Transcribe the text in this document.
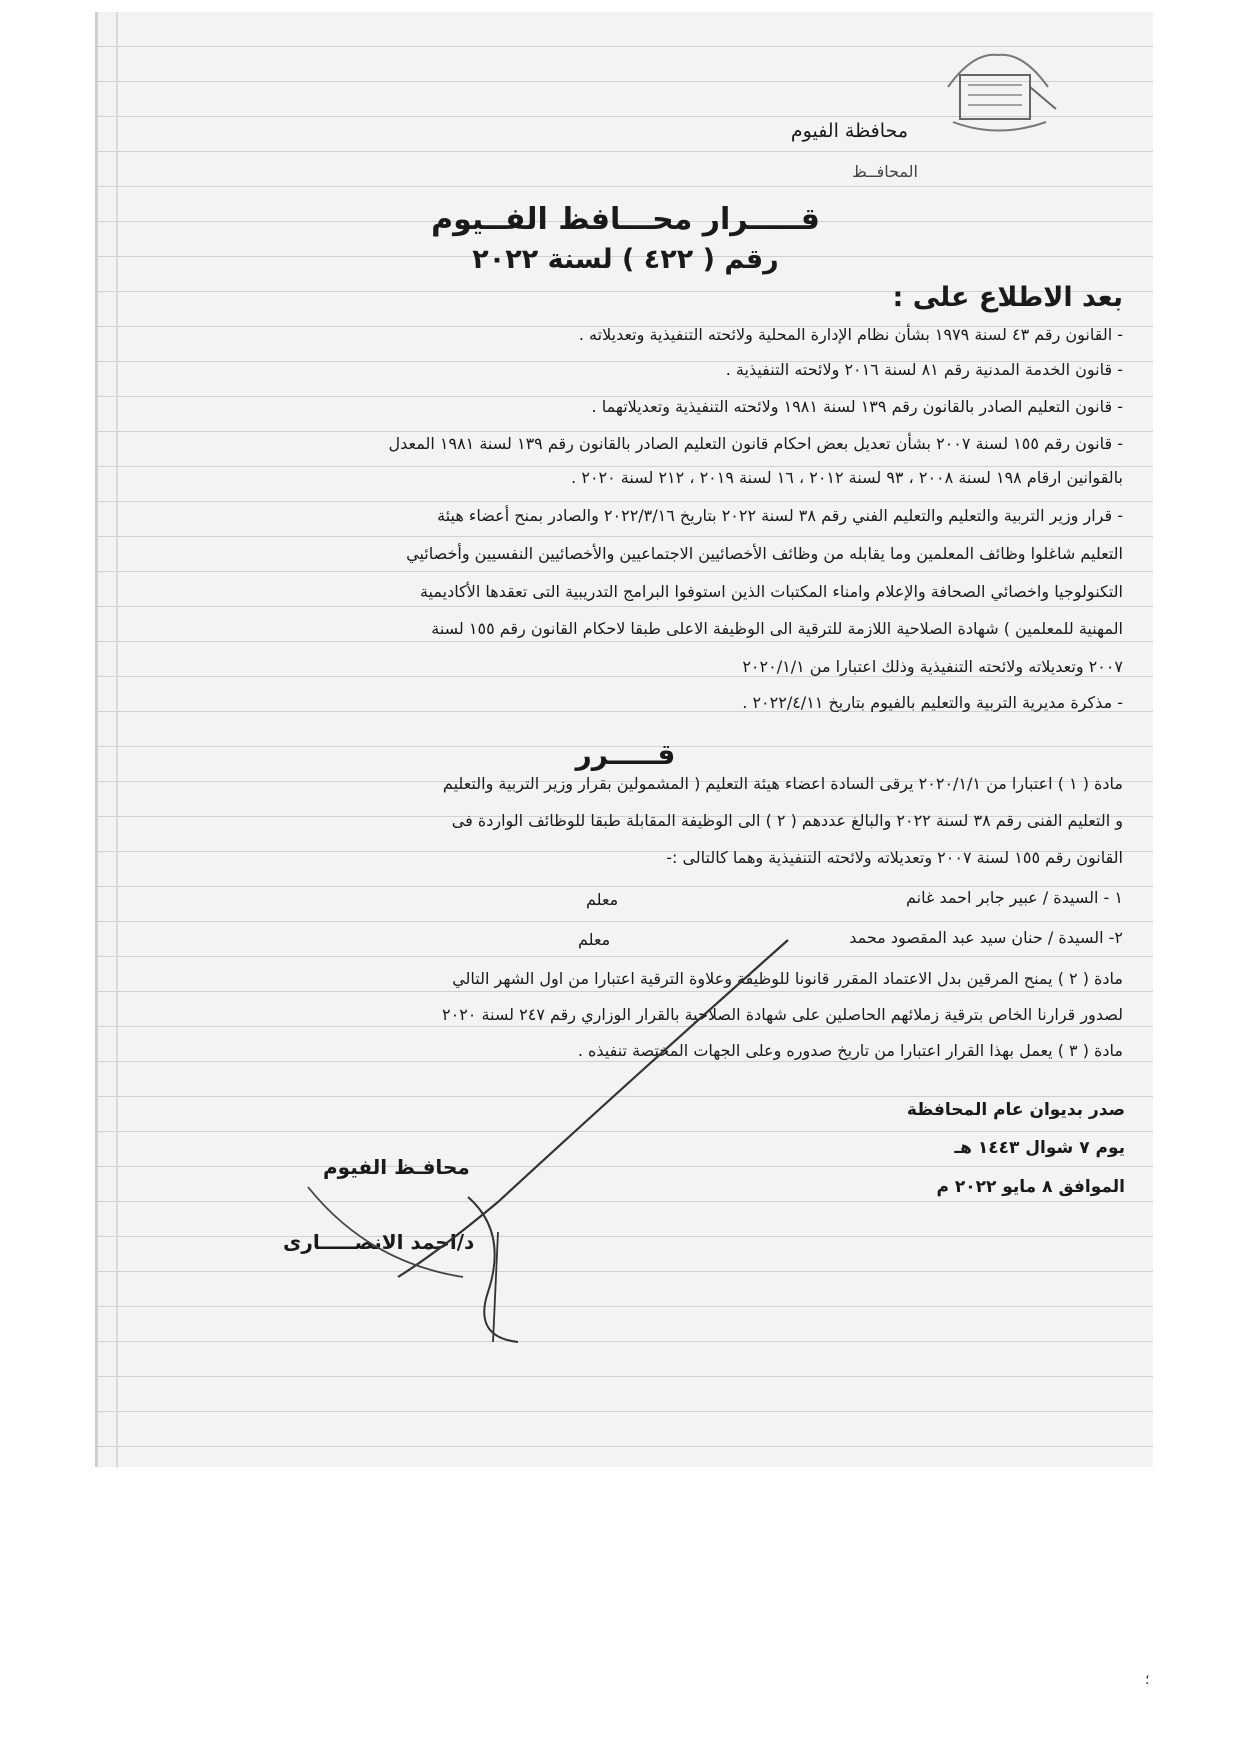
محافظة الفيوم
المحافــظ
قـــــرار محـــافظ الفــيوم
رقم ( ٤٢٢ ) لسنة ٢٠٢٢
بعد الاطلاع على :
- القانون رقم ٤٣ لسنة ١٩٧٩ بشأن نظام الإدارة المحلية ولائحته التنفيذية وتعديلاته .
- قانون الخدمة المدنية رقم ٨١ لسنة ٢٠١٦ ولائحته التنفيذية .
- قانون التعليم الصادر بالقانون رقم ١٣٩ لسنة ١٩٨١ ولائحته التنفيذية وتعديلاتهما .
- قانون رقم ١٥٥ لسنة ٢٠٠٧ بشأن تعديل بعض احكام قانون التعليم الصادر بالقانون رقم ١٣٩ لسنة ١٩٨١ المعدل
بالقوانين ارقام ١٩٨ لسنة ٢٠٠٨ ، ٩٣ لسنة ٢٠١٢ ، ١٦ لسنة ٢٠١٩ ، ٢١٢ لسنة ٢٠٢٠ .
- قرار وزير التربية والتعليم والتعليم الفني رقم ٣٨ لسنة ٢٠٢٢ بتاريخ ٢٠٢٢/٣/١٦ والصادر بمنح أعضاء هيئة
التعليم شاغلوا وظائف المعلمين وما يقابله من وظائف الأخصائيين الاجتماعيين والأخصائيين النفسيين وأخصائيي
التكنولوجيا واخصائي الصحافة والإعلام وامناء المكتبات الذين استوفوا البرامج التدريبية التى تعقدها الأكاديمية
المهنية للمعلمين ) شهادة الصلاحية اللازمة للترقية الى الوظيفة الاعلى طبقا لاحكام القانون رقم ١٥٥ لسنة
٢٠٠٧ وتعديلاته ولائحته التنفيذية وذلك اعتبارا من ٢٠٢٠/١/١
- مذكرة مديرية التربية والتعليم بالفيوم بتاريخ ٢٠٢٢/٤/١١ .
قـــــرر
مادة ( ١ ) اعتبارا من ٢٠٢٠/١/١ يرقى السادة اعضاء هيئة التعليم ( المشمولين بقرار وزير التربية والتعليم
و التعليم الفنى رقم ٣٨ لسنة ٢٠٢٢ والبالغ عددهم ( ٢ ) الى الوظيفة المقابلة طبقا للوظائف الواردة فى
القانون رقم ١٥٥ لسنة ٢٠٠٧ وتعديلاته ولائحته التنفيذية وهما كالتالى :-
١ - السيدة / عبير جابر احمد غانم
معلم
٢- السيدة / حنان سيد عبد المقصود محمد
معلم
مادة ( ٢ ) يمنح المرقين بدل الاعتماد المقرر قانونا للوظيفة وعلاوة الترقية اعتبارا من اول الشهر التالي
لصدور قرارنا الخاص بترقية زملائهم الحاصلين على شهادة الصلاحية بالقرار الوزاري رقم ٢٤٧ لسنة ٢٠٢٠
مادة ( ٣ ) يعمل بهذا القرار اعتبارا من تاريخ صدوره وعلى الجهات المختصة تنفيذه .
صدر بديوان عام المحافظة
يوم ٧ شوال ١٤٤٣ هـ
الموافق ٨ مايو ٢٠٢٢ م
محافـظ الفيوم
د/احمد الانصـــــارى
؛
